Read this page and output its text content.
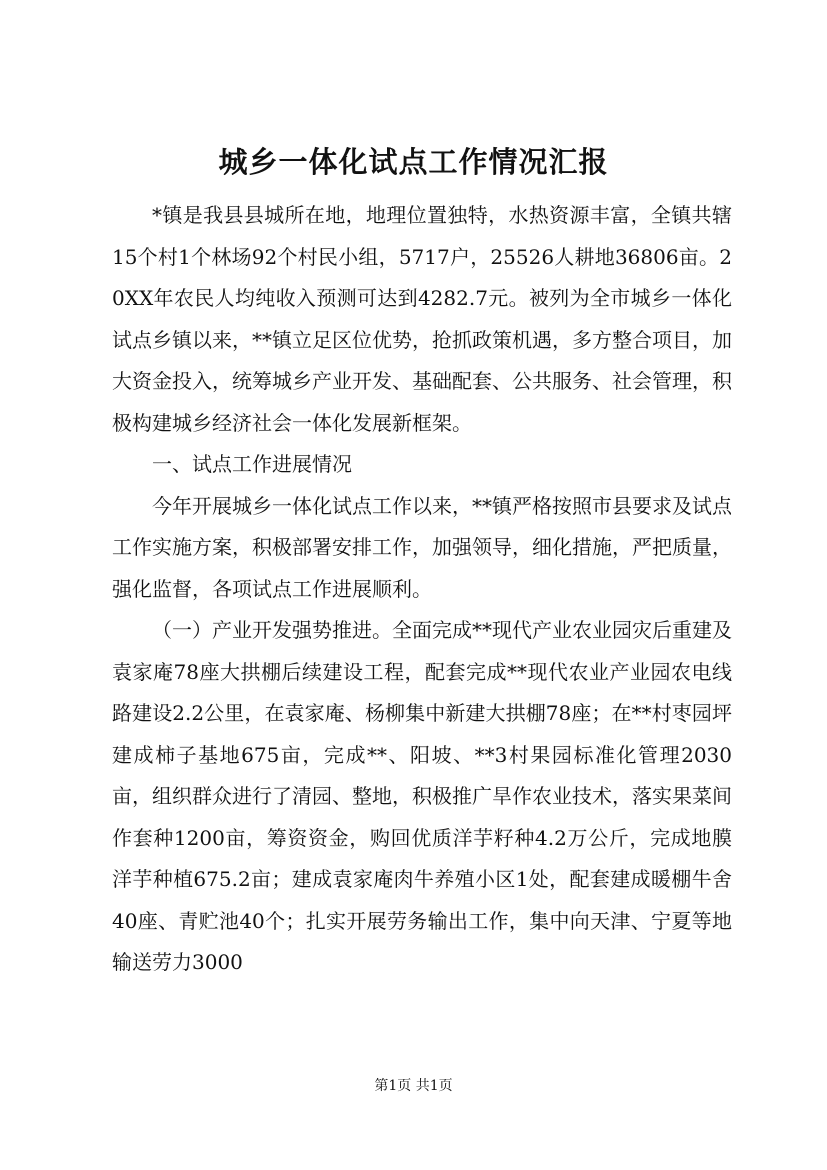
城乡一体化试点工作情况汇报

*镇是我县县城所在地，地理位置独特，水热资源丰富，全镇共辖15个村1个林场92个村民小组，5717户，25526人耕地36806亩。20XX年农民人均纯收入预测可达到4282.7元。被列为全市城乡一体化试点乡镇以来，**镇立足区位优势，抢抓政策机遇，多方整合项目，加大资金投入，统筹城乡产业开发、基础配套、公共服务、社会管理，积极构建城乡经济社会一体化发展新框架。

一、试点工作进展情况

今年开展城乡一体化试点工作以来，**镇严格按照市县要求及试点工作实施方案，积极部署安排工作，加强领导，细化措施，严把质量，强化监督，各项试点工作进展顺利。

（一）产业开发强势推进。全面完成**现代产业农业园灾后重建及袁家庵78座大拱棚后续建设工程，配套完成**现代农业产业园农电线路建设2.2公里，在袁家庵、杨柳集中新建大拱棚78座；在**村枣园坪建成柿子基地675亩，完成**、阳坡、**3村果园标准化管理2030亩，组织群众进行了清园、整地，积极推广旱作农业技术，落实果菜间作套种1200亩，筹资资金，购回优质洋芋籽种4.2万公斤，完成地膜洋芋种植675.2亩；建成袁家庵肉牛养殖小区1处，配套建成暖棚牛舍40座、青贮池40个；扎实开展劳务输出工作，集中向天津、宁夏等地输送劳力3000

第1页 共1页
